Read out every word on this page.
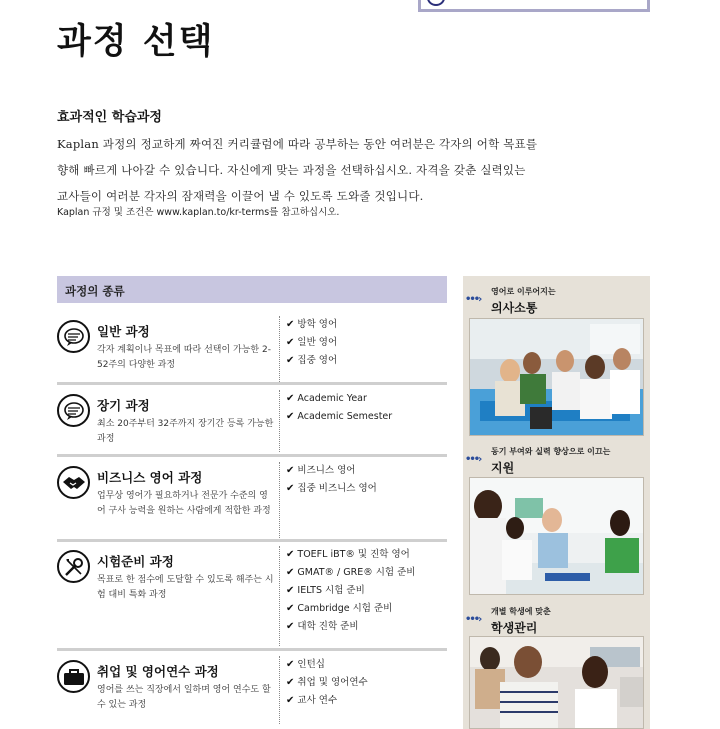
과정 선택
효과적인 학습과정

Kaplan 과정의 정교하게 짜여진 커리큘럼에 따라 공부하는 동안 여러분은 각자의 어학 목표를

향해 빠르게 나아갈 수 있습니다. 자신에게 맞는 과정을 선택하십시오. 자격을 갖춘 실력있는

교사들이 여러분 각자의 잠재력을 이끌어 낼 수 있도록 도와줄 것입니다.

Kaplan 규정 및 조건은 www.kaplan.to/kr-terms를 참고하십시오.
과정의 종류
일반 과정
각자 계획이나 목표에 따라 선택이 가능한 2-52주의 다양한 과정
✔ 방학 영어
✔ 일반 영어
✔ 집중 영어
장기 과정
최소 20주부터 32주까지 장기간 등록 가능한 과정
✔ Academic Year
✔ Academic Semester
비즈니스 영어 과정
업무상 영어가 필요하거나 전문가 수준의 영어 구사 능력을 원하는 사람에게 적합한 과정
✔ 비즈니스 영어
✔ 집중 비즈니스 영어
시험준비 과정
목표로 한 점수에 도달할 수 있도록 해주는 시험 대비 특화 과정
✔ TOEFL iBT® 및 진학 영어
✔ GMAT® / GRE® 시험 준비
✔ IELTS 시험 준비
✔ Cambridge 시험 준비
✔ 대학 진학 준비
취업 및 영어연수 과정
영어를 쓰는 직장에서 일하며 영어 연수도 할 수 있는 과정
✔ 인턴십
✔ 취업 및 영어연수
✔ 교사 연수
•••›
영어로 이루어지는
의사소통
•••›
동기 부여와 실력 향상으로 이끄는
지원
•••›
개별 학생에 맞춘
학생관리
